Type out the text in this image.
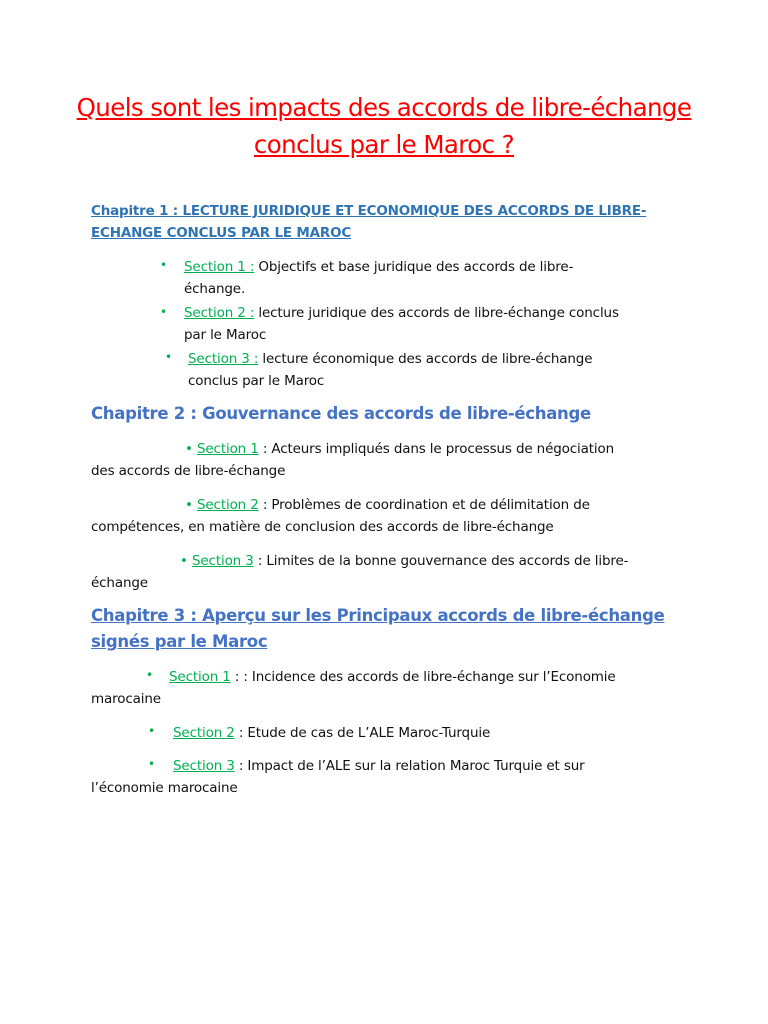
Quels sont les impacts des accords de libre-échange
conclus par le Maroc ?
Chapitre 1 : LECTURE JURIDIQUE ET ECONOMIQUE DES ACCORDS DE LIBRE-
ECHANGE CONCLUS PAR LE MAROC
• Section 1 : Objectifs et base juridique des accords de libre-
échange.
• Section 2 : lecture juridique des accords de libre-échange conclus
par le Maroc
• Section 3 : lecture économique des accords de libre-échange
conclus par le Maroc
Chapitre 2 : Gouvernance des accords de libre-échange
• Section 1 : Acteurs impliqués dans le processus de négociation
des accords de libre-échange
• Section 2 : Problèmes de coordination et de délimitation de
compétences, en matière de conclusion des accords de libre-échange
• Section 3 : Limites de la bonne gouvernance des accords de libre-
échange
Chapitre 3 : Aperçu sur les Principaux accords de libre-échange
signés par le Maroc
• Section 1 : : Incidence des accords de libre-échange sur l’Economie
marocaine
• Section 2 : Etude de cas de L’ALE Maroc-Turquie
• Section 3 : Impact de l’ALE sur la relation Maroc Turquie et sur
l’économie marocaine
